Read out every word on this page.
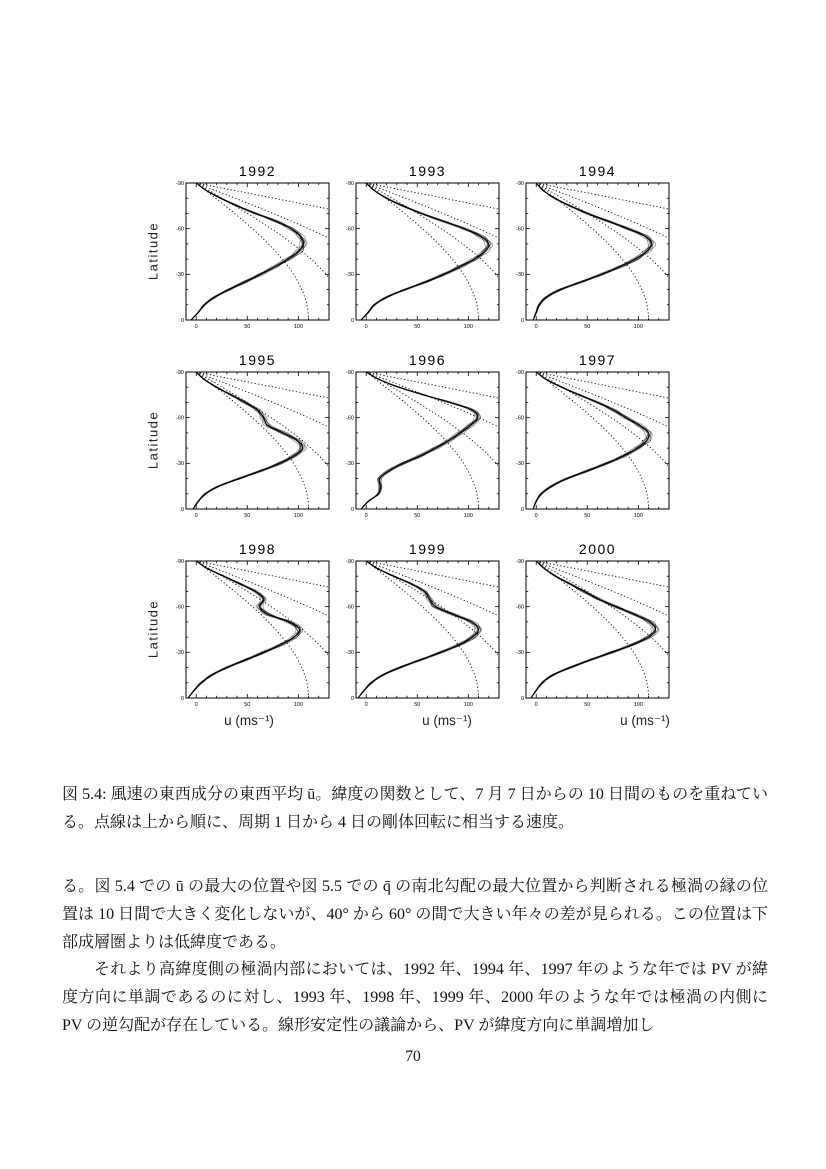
Latitude
1992
0
-30
-60
-90
0	50	100
1993
0
-30
-60
-90
0	50	100
1994
0
-30
-60
-90
0	50	100
Latitude
1995
0
-30
-60
-90
0	50	100
1996
0
-30
-60
-90
0	50	100
1997
0
-30
-60
-90
0	50	100
Latitude
1998
0
-30
-60
-90
0	50	100
1999
0
-30
-60
-90
0	50	100
2000
0
-30
-60
-90
0	50	100
u (ms⁻¹)	u (ms⁻¹)	u (ms⁻¹)
図 5.4: 風速の東西成分の東西平均 ū。緯度の関数として、7 月 7 日からの 10 日間のものを重ねている。点線は上から順に、周期 1 日から 4 日の剛体回転に相当する速度。
る。図 5.4 での ū の最大の位置や図 5.5 での q̄ の南北勾配の最大位置から判断される極渦の縁の位置は 10 日間で大きく変化しないが、40° から 60° の間で大きい年々の差が見られる。この位置は下部成層圏よりは低緯度である。
それより高緯度側の極渦内部においては、1992 年、1994 年、1997 年のような年では PV が緯度方向に単調であるのに対し、1993 年、1998 年、1999 年、2000 年のような年では極渦の内側に PV の逆勾配が存在している。線形安定性の議論から、PV が緯度方向に単調増加し
70
